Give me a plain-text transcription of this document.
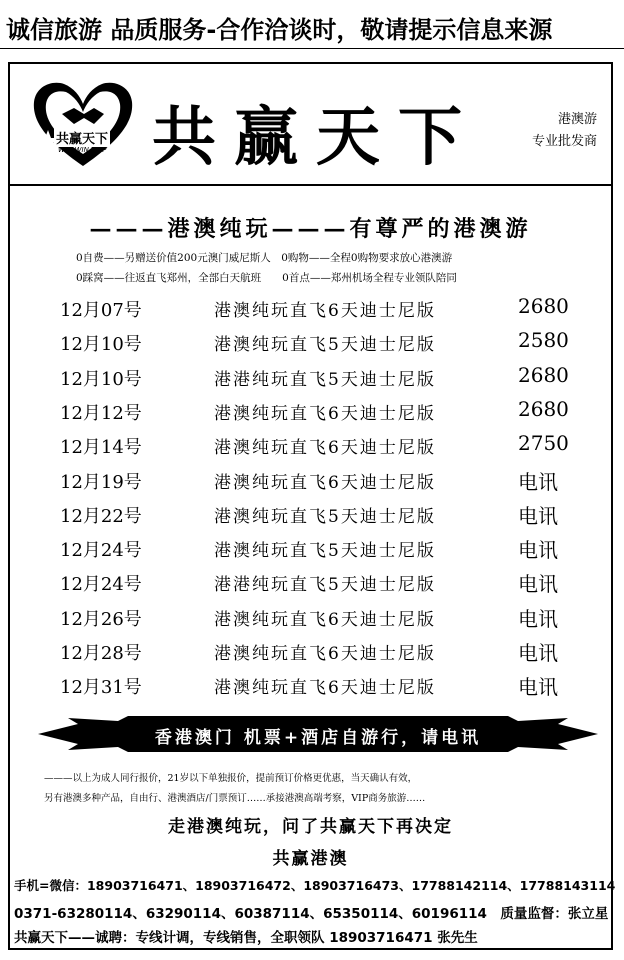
诚信旅游 品质服务-合作洽谈时，敬请提示信息来源
共赢天下
WIN-WIN TRIP 共赢天下	港澳游
专业批发商
———港澳纯玩———有尊严的港澳游
0自费——另赠送价值200元澳门威尼斯人　0购物——全程0购物要求放心港澳游
0踩窝——往返直飞郑州，全部白天航班　　0首点——郑州机场全程专业领队陪同
12月07号	港澳纯玩直飞6天迪士尼版	2680
12月10号	港澳纯玩直飞5天迪士尼版	2580
12月10号	港港纯玩直飞5天迪士尼版	2680
12月12号	港澳纯玩直飞6天迪士尼版	2680
12月14号	港澳纯玩直飞6天迪士尼版	2750
12月19号	港澳纯玩直飞6天迪士尼版	电讯
12月22号	港澳纯玩直飞5天迪士尼版	电讯
12月24号	港澳纯玩直飞5天迪士尼版	电讯
12月24号	港港纯玩直飞5天迪士尼版	电讯
12月26号	港澳纯玩直飞6天迪士尼版	电讯
12月28号	港澳纯玩直飞6天迪士尼版	电讯
12月31号	港澳纯玩直飞6天迪士尼版	电讯
香港澳门 机票+酒店自游行，请电讯
———以上为成人同行报价，21岁以下单独报价，提前预订价格更优惠，当天确认有效，
另有港澳多种产品，自由行、港澳酒店/门票预订……承接港澳高端考察，VIP商务旅游……
走港澳纯玩，问了共赢天下再决定
共赢港澳
手机=微信：18903716471、18903716472、18903716473、17788142114、17788143114
0371-63280114、63290114、60387114、65350114、60196114　质量监督：张立星
共赢天下——诚聘：专线计调，专线销售，全职领队 18903716471 张先生
